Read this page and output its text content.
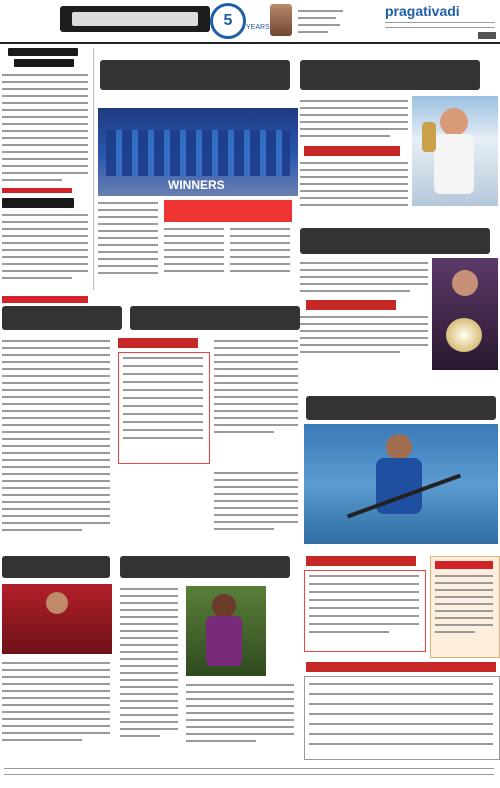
5	YEARS
pragativadi
WINNERS
